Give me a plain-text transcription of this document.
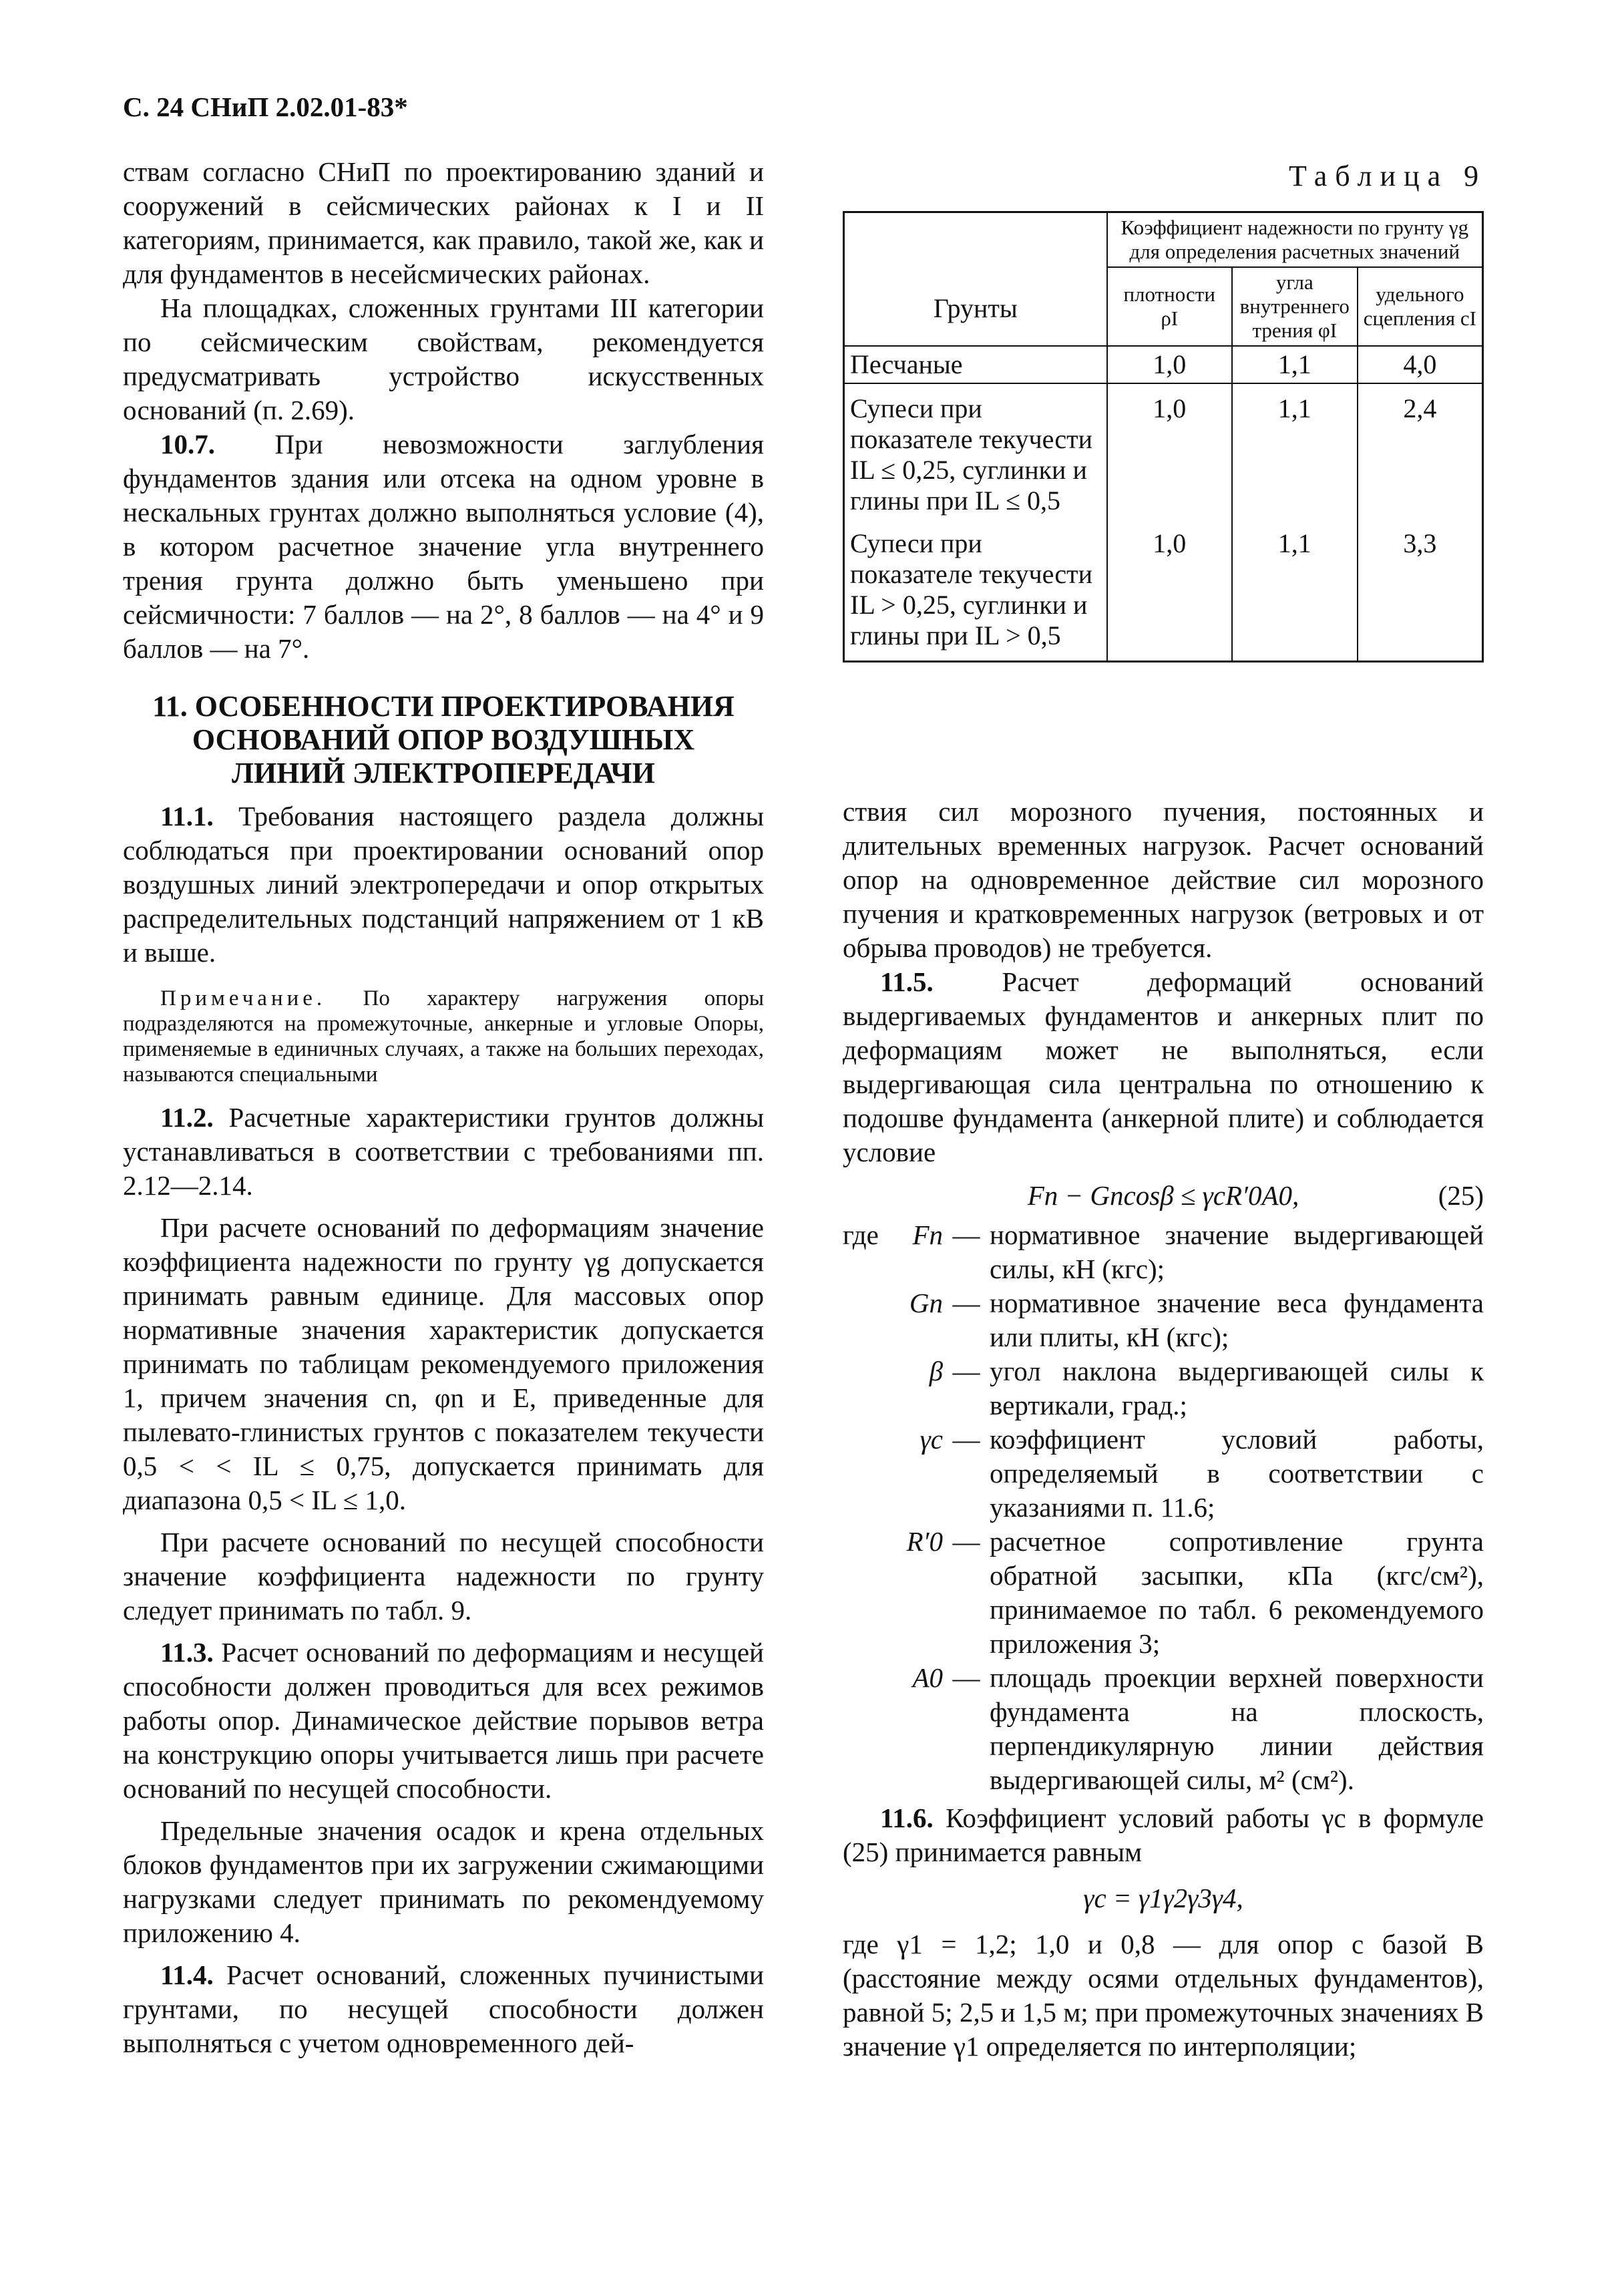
С. 24 СНиП 2.02.01-83*

ствам согласно СНиП по проектированию зданий и сооружений в сейсмических районах к I и II категориям, принимается, как правило, такой же, как и для фундаментов в несейсмических районах.

На площадках, сложенных грунтами III категории по сейсмическим свойствам, рекомендуется предусматривать устройство искусственных оснований (п. 2.69).

10.7. При невозможности заглубления фундаментов здания или отсека на одном уровне в нескальных грунтах должно выполняться условие (4), в котором расчетное значение угла внутреннего трения грунта должно быть уменьшено при сейсмичности: 7 баллов — на 2°, 8 баллов — на 4° и 9 баллов — на 7°.

11. ОСОБЕННОСТИ ПРОЕКТИРОВАНИЯ
ОСНОВАНИЙ ОПОР ВОЗДУШНЫХ
ЛИНИЙ ЭЛЕКТРОПЕРЕДАЧИ

11.1. Требования настоящего раздела должны соблюдаться при проектировании оснований опор воздушных линий электропередачи и опор открытых распределительных подстанций напряжением от 1 кВ и выше.

Примечание. По характеру нагружения опоры подразделяются на промежуточные, анкерные и угловые Опоры, применяемые в единичных случаях, а также на больших переходах, называются специальными

11.2. Расчетные характеристики грунтов должны устанавливаться в соответствии с требованиями пп. 2.12—2.14.

При расчете оснований по деформациям значение коэффициента надежности по грунту γg допускается принимать равным единице. Для массовых опор нормативные значения характеристик допускается принимать по таблицам рекомендуемого приложения 1, причем значения cn, φn и E, приведенные для пылевато-глинистых грунтов с показателем текучести 0,5 < < IL ≤ 0,75, допускается принимать для диапазона 0,5 < IL ≤ 1,0.

При расчете оснований по несущей способности значение коэффициента надежности по грунту следует принимать по табл. 9.

11.3. Расчет оснований по деформациям и несущей способности должен проводиться для всех режимов работы опор. Динамическое действие порывов ветра на конструкцию опоры учитывается лишь при расчете оснований по несущей способности.

Предельные значения осадок и крена отдельных блоков фундаментов при их загружении сжимающими нагрузками следует принимать по рекомендуемому приложению 4.

11.4. Расчет оснований, сложенных пучинистыми грунтами, по несущей способности должен выполняться с учетом одновременного дей-

Таблица 9
Грунты	Коэффициент надежности по грунту γg для определения расчетных значений		
	плотности ρI	угла внутреннего трения φI	удельного сцепления cI
Песчаные	1,0	1,1	4,0
Супеси при показателе текучести IL ≤ 0,25, суглинки и глины при IL ≤ 0,5	1,0	1,1	2,4
Супеси при показателе текучести IL > 0,25, суглинки и глины при IL > 0,5	1,0	1,1	3,3

ствия сил морозного пучения, постоянных и длительных временных нагрузок. Расчет оснований опор на одновременное действие сил морозного пучения и кратковременных нагрузок (ветровых и от обрыва проводов) не требуется.

11.5. Расчет деформаций оснований выдергиваемых фундаментов и анкерных плит по деформациям может не выполняться, если выдергивающая сила центральна по отношению к подошве фундамента (анкерной плите) и соблюдается условие

Fn − Gncosβ ≤ γcR′0A0,	(25)
где	Fn — нормативное значение выдергивающей силы, кН (кгс);
Gn — нормативное значение веса фундамента или плиты, кН (кгс);
β — угол наклона выдергивающей силы к вертикали, град.;
γc — коэффициент условий работы, определяемый в соответствии с указаниями п. 11.6;
R′0 — расчетное сопротивление грунта обратной засыпки, кПа (кгс/см²), принимаемое по табл. 6 рекомендуемого приложения 3;
A0 — площадь проекции верхней поверхности фундамента на плоскость, перпендикулярную линии действия выдергивающей силы, м² (см²).

11.6. Коэффициент условий работы γc в формуле (25) принимается равным

γc = γ1γ2γ3γ4,

где γ1 = 1,2; 1,0 и 0,8 — для опор с базой B (расстояние между осями отдельных фундаментов), равной 5; 2,5 и 1,5 м; при промежуточных значениях B значение γ1 определяется по интерполяции;
